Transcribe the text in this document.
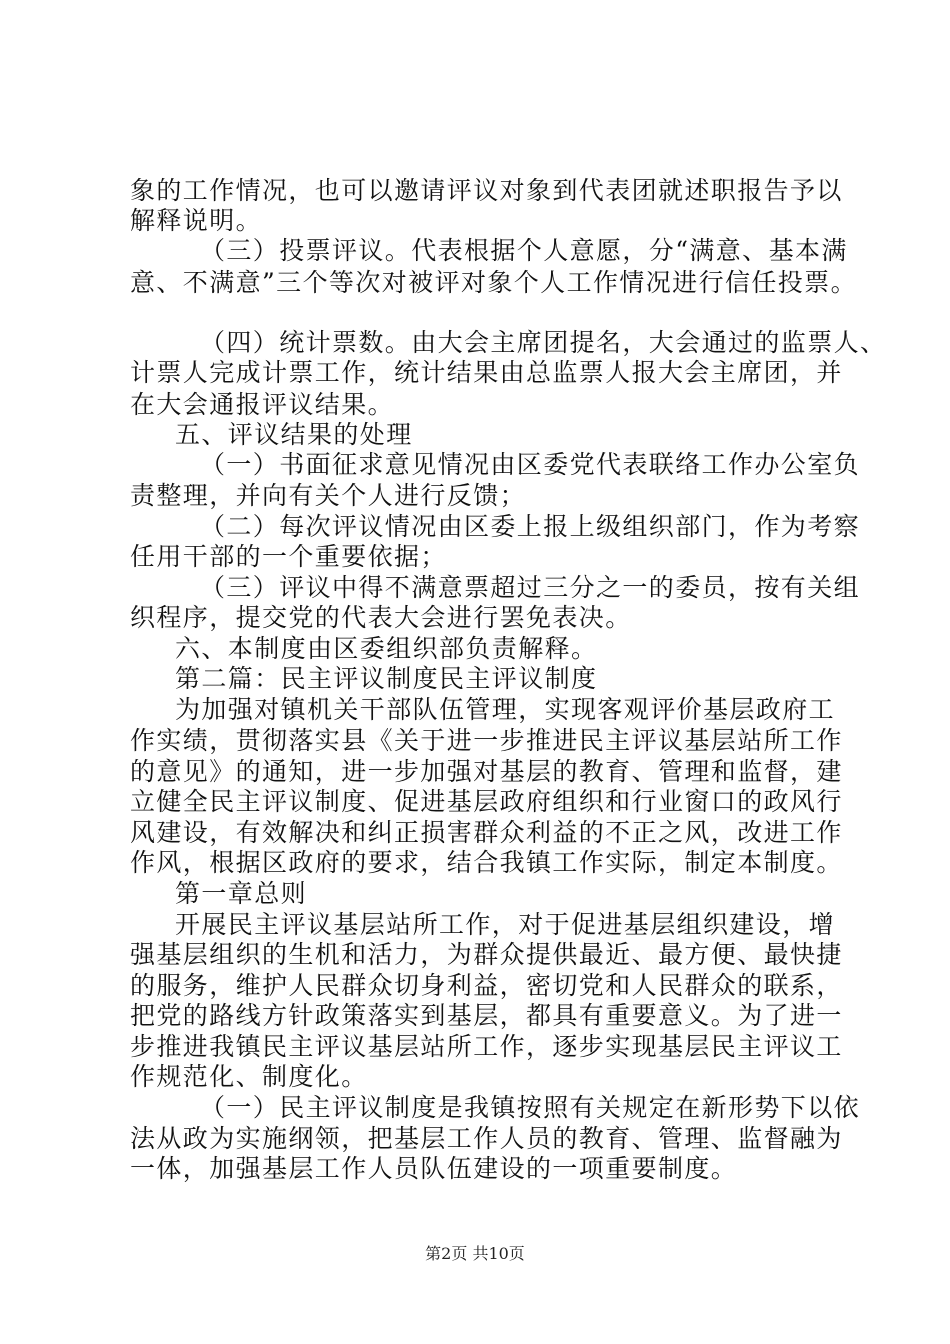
象的工作情况，也可以邀请评议对象到代表团就述职报告予以
解释说明。
（三）投票评议。代表根据个人意愿，分“满意、基本满
意、不满意”三个等次对被评对象个人工作情况进行信任投票。
（四）统计票数。由大会主席团提名，大会通过的监票人、
计票人完成计票工作，统计结果由总监票人报大会主席团，并
在大会通报评议结果。
五、评议结果的处理
（一）书面征求意见情况由区委党代表联络工作办公室负
责整理，并向有关个人进行反馈；
（二）每次评议情况由区委上报上级组织部门，作为考察
任用干部的一个重要依据；
（三）评议中得不满意票超过三分之一的委员，按有关组
织程序，提交党的代表大会进行罢免表决。
六、本制度由区委组织部负责解释。
第二篇：民主评议制度民主评议制度
为加强对镇机关干部队伍管理，实现客观评价基层政府工
作实绩，贯彻落实县《关于进一步推进民主评议基层站所工作
的意见》的通知，进一步加强对基层的教育、管理和监督，建
立健全民主评议制度、促进基层政府组织和行业窗口的政风行
风建设，有效解决和纠正损害群众利益的不正之风，改进工作
作风，根据区政府的要求，结合我镇工作实际，制定本制度。
第一章总则
开展民主评议基层站所工作，对于促进基层组织建设，增
强基层组织的生机和活力，为群众提供最近、最方便、最快捷
的服务，维护人民群众切身利益，密切党和人民群众的联系，
把党的路线方针政策落实到基层，都具有重要意义。为了进一
步推进我镇民主评议基层站所工作，逐步实现基层民主评议工
作规范化、制度化。
（一）民主评议制度是我镇按照有关规定在新形势下以依
法从政为实施纲领，把基层工作人员的教育、管理、监督融为
一体，加强基层工作人员队伍建设的一项重要制度。
第2页 共10页
